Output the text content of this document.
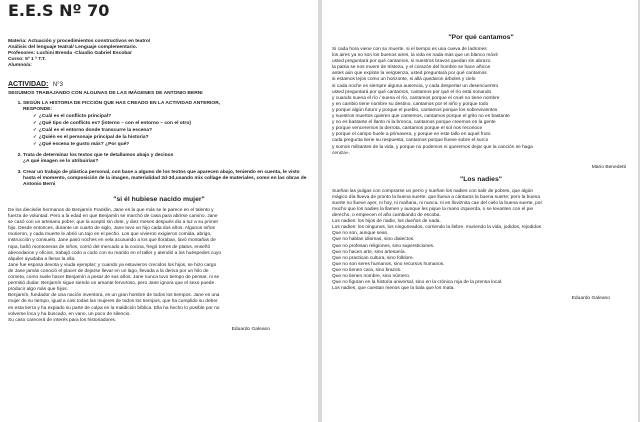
E.E.S Nº 70
Materia: Actuación y procedimientos constructivos en teatro/
Análisis del lenguaje teatral/ Lenguaje complementario.
Profesores: Luchini Brenda -Claudio Gabriel Escobar
Curso: 5º 1 ª T.T.
Alumno/a:
ACTIVIDAD: N°3
SEGUIMOS TRABAJANDO CON ALGUNAS DE LAS IMÁGENES DE ANTONIO BERNI
1. SEGÚN LA HISTORIA DE FICCIÓN QUE HAS CREADO EN LA ACTIVIDAD ANTERIOR,
RESPONDE:
✓ ¿Cuál es el conflicto principal?
✓ ¿Qué tipo de conflicto es? (interno – con el entorno – con el otro)
✓ ¿Cuál es el entorno donde transcurre la escena?
✓ ¿Quién es el personaje principal de la historia?
✓ ¿Qué escena te gusto más? ¿Por qué?
2. Trata de determinar los textos que te detallamos abajo y decinos
¿A qué imagen se lo atribuirías?
3. Crear un trabajo de plástica personal, con base a alguno de los textos que aparecen abajo, teniendo en cuenta, le visto hasta el momento, composición de la imagen, materialidad 2d-3d,usando mix collage de materiales, como en las obras de Antonio Berni
"si él hubiese nacido mujer"
De los dieciséis hermanos de Benjamín Franklin, Jane es la que más se le parece en el talento y
fuerza de voluntad. Pero a la edad en que Benjamín se marchó de casa para abrirse camino, Jane
se casó con un artesano pobre, que la aceptó sin dote, y diez meses después dio a luz a su primer
hijo. Desde entonces, durante un cuarto de siglo, Jane tuvo un hijo cada dos años. Algunos niños
murieron, y cada muerte le abrió un tajo en el pecho. Los que vivieron exigieron comida, abrigo,
instrucción y consuelo. Jane pasó noches en vela acunando a los que lloraban, lavó montañas de
ropa, bañó montoneras de niños, corrió del mercado a la cocina, fregó torres de platos, enseñó
abecedarios y oficios, trabajó codo a codo con su marido en el taller y atendió a los huéspedes cuyo
alquiler ayudaba a llenar la olla.
Jane fue esposa devota y viuda ejemplar; y cuando ya estuvieron crecidos los hijos, se hizo cargo
de Jane jamás conoció el placer de dejarse llevar en un lago, llevada a la deriva por un hilo de
cometa, como suele hacer Benjamín a pesar de sus años. Jane nunca tuvo tiempo de pensar, ni se
permitió dudar. Benjamín sigue siendo un amante fervoroso, pero Jane ignora que el sexo puede
producir algo más que hijos.
Benjamín, fundador de una nación inventora, es un gran hombre de todos los tiempos. Jane es una
mujer de su tiempo, igual a casi todas las mujeres de todos los tiempos, que ha cumplido su deber
en esta tierra y ha expiado su parte de culpa en la maldición bíblica. Ella ha hecho lo posible por no
volverse loca y ha buscado, en vano, un poco de silencio.
Su caso carecerá de interés para los historiadores.
Eduardo Galeano
"Por qué cantamos"
Si cada hora viene con su muerte, si el tiempo es una cueva de ladrones
los aires ya no son los buenos aires, la vida es nada más que un blanco móvil
usted preguntará por qué cantamos, si nuestros bravos quedan sin abrazo
la patria se nos muere de tristeza, y el corazón del hombre se hace añicos
antes aún que explote la vergüenza, usted preguntará por qué cantamos
si estamos lejos como un horizonte, si allá quedaron árboles y cielo
si cada noche es siempre alguna ausencia, y cada despertar un desencuentro
usted preguntará por qué cantamos, cantamos por qué el río está sonando
y cuando suena el río / suena el río, cantamos porque el cruel no tiene nombre
y en cambio tiene nombre su destino, cantamos por el niño y porque todo
y porque algún futuro y porque el pueblo, cantamos porque los sobrevivientes
y nuestros muertos quieren que cantemos, cantamos porque el grito no es bastante
y no es bastante el llanto ni la bronca, cantamos porque creemos en la gente
y porque venceremos la derrota, cantamos porque el sol nos reconoce
y porque el campo huele a primavera, y porque en este tallo en aquel fruto
cada pregunta tiene su respuesta, cantamos porque llueve sobre el surco
y somos militantes de la vida, y porque no podemos ni queremos dejar que la canción se haga
ceniza».
Mario Benedetti
"Los nadies"
Sueñan las pulgas con comprarse un perro y sueñan los nadies con salir de pobres, que algún
mágico día llueva de pronto la buena suerte, que llueva a cántaros la buena suerte; pero la buena
suerte no llueve ayer, ni hoy, ni mañana, ni nunca, ni en lloviznita cae del cielo la buena suerte, por
mucho que los nadies la llamen y aunque les pique la mano izquierda, o se levanten con el pie
derecho, o empiecen el año cambiando de escoba.
Los nadies: los hijos de nadie, los dueños de nada.
Los nadies: los ningunos, los ninguneados, corriendo la liebre, muriendo la vida, jodidos, rejodidos.
Que no son, aunque sean.
Que no hablan idiomas, sino dialectos.
Que no profesan religiones, sino supersticiones.
Que no hacen arte, sino artesanía.
Que no practican cultura, sino folklore.
Que no son seres humanos, sino recursos humanos.
Que no tienen cara, sino brazos.
Que no tienen nombre, sino número.
Que no figuran en la historia universal, sino en la crónica roja de la prensa local.
Los nadies, que cuestan menos que la bala que los mata.
Eduardo Galeano
